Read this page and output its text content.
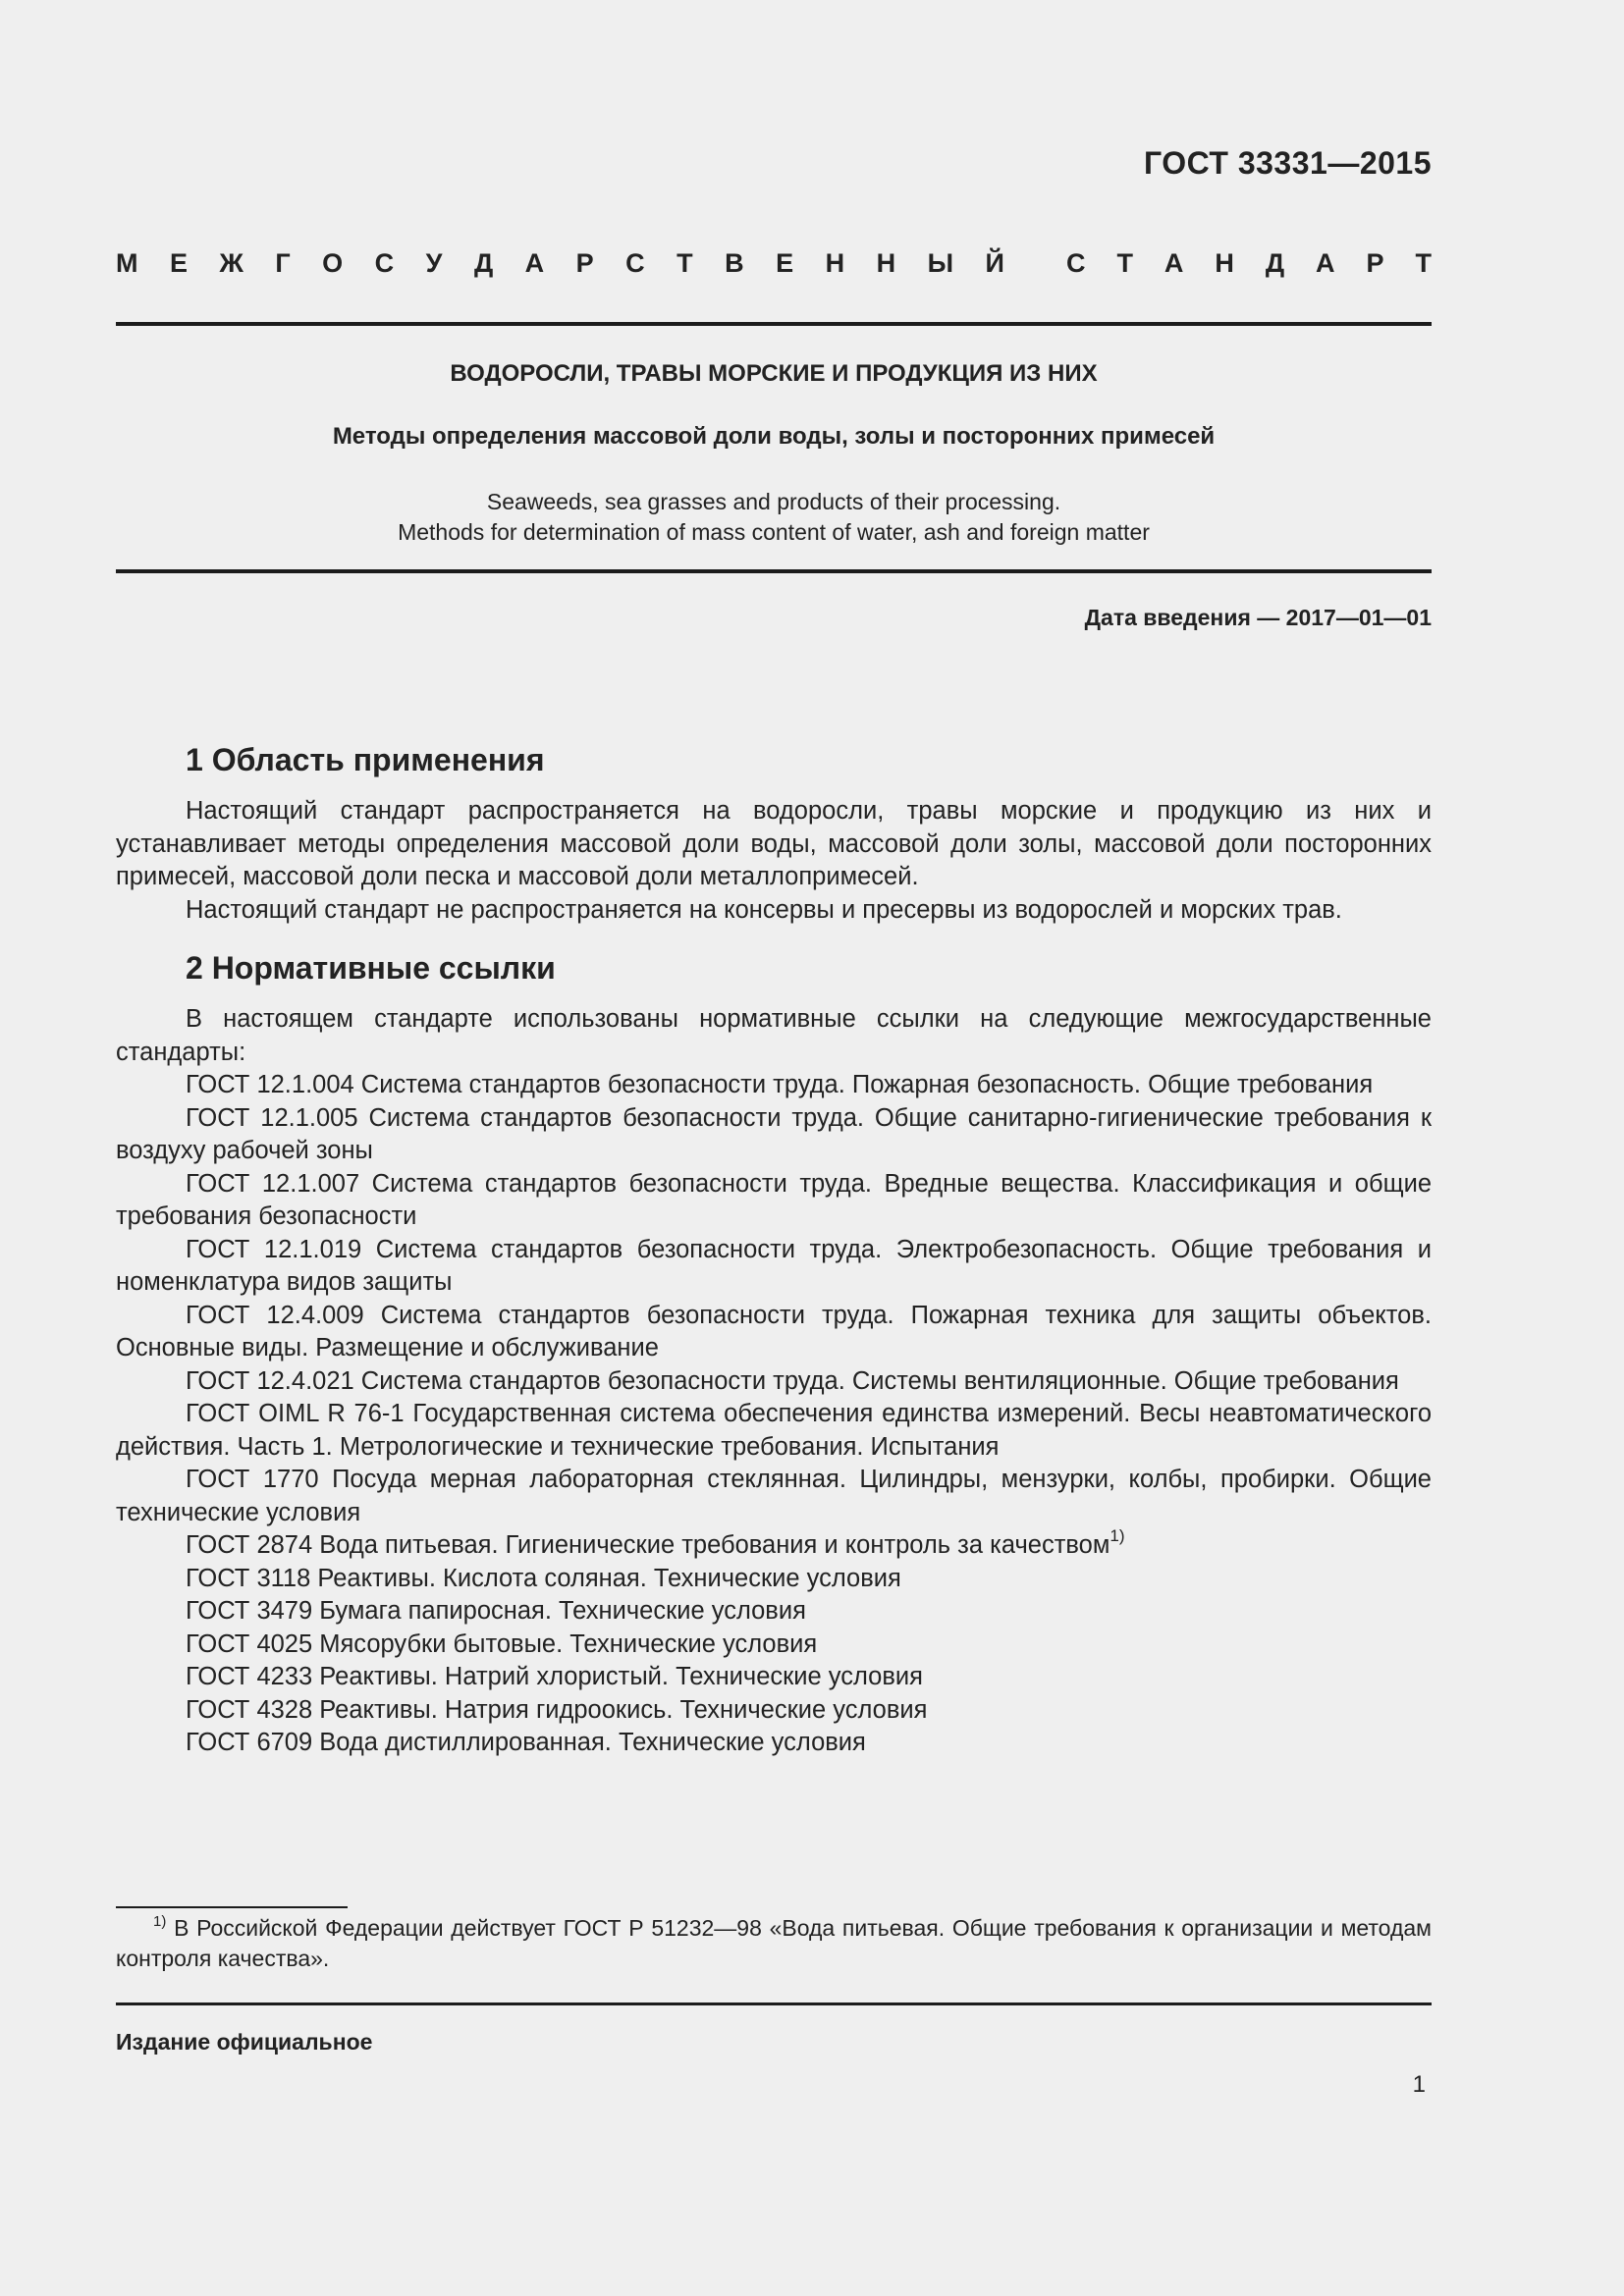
ГОСТ 33331—2015
М Е Ж Г О С У Д А Р С Т В Е Н Н Ы Й С Т А Н Д А Р Т
ВОДОРОСЛИ, ТРАВЫ МОРСКИЕ И ПРОДУКЦИЯ ИЗ НИХ
Методы определения массовой доли воды, золы и посторонних примесей
Seaweeds, sea grasses and products of their processing.
Methods for determination of mass content of water, ash and foreign matter
Дата введения — 2017—01—01
1 Область применения

Настоящий стандарт распространяется на водоросли, травы морские и продукцию из них и устанавливает методы определения массовой доли воды, массовой доли золы, массовой доли посторонних примесей, массовой доли песка и массовой доли металлопримесей.

Настоящий стандарт не распространяется на консервы и пресервы из водорослей и морских трав.

2 Нормативные ссылки

В настоящем стандарте использованы нормативные ссылки на следующие межгосударственные стандарты:

ГОСТ 12.1.004 Система стандартов безопасности труда. Пожарная безопасность. Общие требования

ГОСТ 12.1.005 Система стандартов безопасности труда. Общие санитарно-гигиенические требования к воздуху рабочей зоны

ГОСТ 12.1.007 Система стандартов безопасности труда. Вредные вещества. Классификация и общие требования безопасности

ГОСТ 12.1.019 Система стандартов безопасности труда. Электробезопасность. Общие требования и номенклатура видов защиты

ГОСТ 12.4.009 Система стандартов безопасности труда. Пожарная техника для защиты объектов. Основные виды. Размещение и обслуживание

ГОСТ 12.4.021 Система стандартов безопасности труда. Системы вентиляционные. Общие требования

ГОСТ OIML R 76-1 Государственная система обеспечения единства измерений. Весы неавтоматического действия. Часть 1. Метрологические и технические требования. Испытания

ГОСТ 1770 Посуда мерная лабораторная стеклянная. Цилиндры, мензурки, колбы, пробирки. Общие технические условия

ГОСТ 2874 Вода питьевая. Гигиенические требования и контроль за качеством$^{1)}$

ГОСТ 3118 Реактивы. Кислота соляная. Технические условия

ГОСТ 3479 Бумага папиросная. Технические условия

ГОСТ 4025 Мясорубки бытовые. Технические условия

ГОСТ 4233 Реактивы. Натрий хлористый. Технические условия

ГОСТ 4328 Реактивы. Натрия гидроокись. Технические условия

ГОСТ 6709 Вода дистиллированная. Технические условия

$^{1)}$ В Российской Федерации действует ГОСТ Р 51232—98 «Вода питьевая. Общие требования к организации и методам контроля качества».
Издание официальное
1
